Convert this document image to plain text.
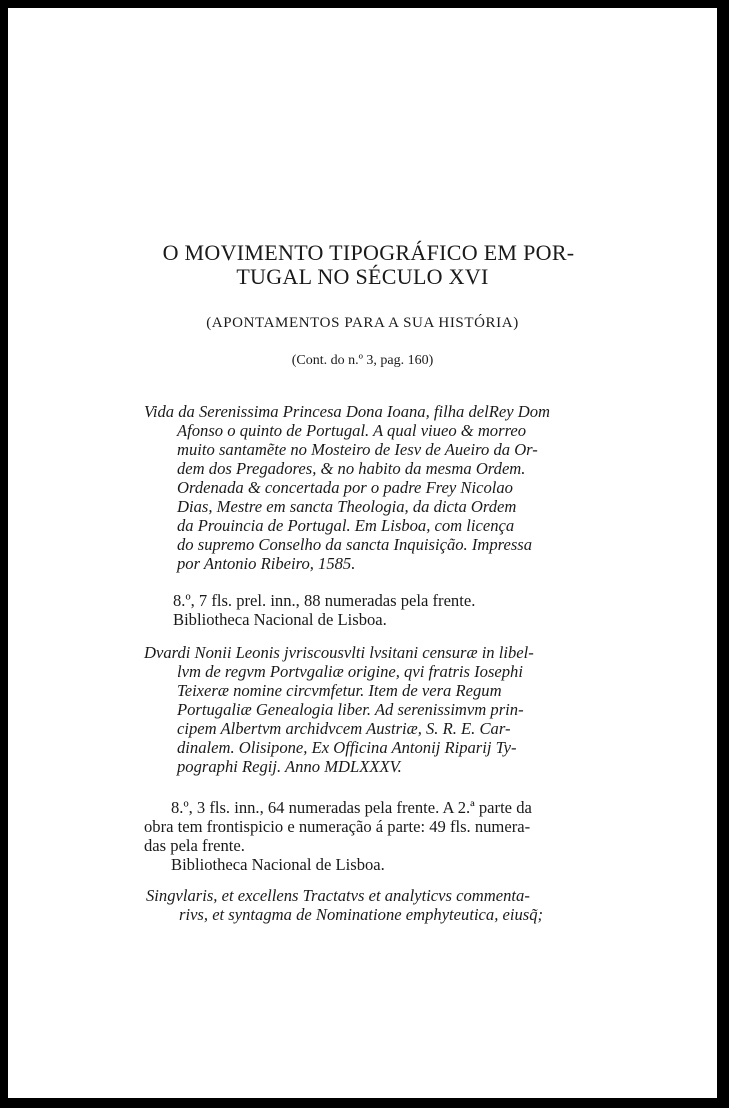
O MOVIMENTO TIPOGRÁFICO EM POR-
TUGAL NO SÉCULO XVI
(APONTAMENTOS PARA A SUA HISTÓRIA)
(Cont. do n.º 3, pag. 160)
Vida da Serenissima Princesa Dona Ioana, filha delRey Dom
Afonso o quinto de Portugal. A qual viueo & morreo
muito santamẽte no Mosteiro de Iesv de Aueiro da Or-
dem dos Pregadores, & no habito da mesma Ordem.
Ordenada & concertada por o padre Frey Nicolao
Dias, Mestre em sancta Theologia, da dicta Ordem
da Prouincia de Portugal. Em Lisboa, com licença
do supremo Conselho da sancta Inquisição. Impressa
por Antonio Ribeiro, 1585.
8.º, 7 fls. prel. inn., 88 numeradas pela frente.
Bibliotheca Nacional de Lisboa.
Dvardi Nonii Leonis jvriscousvlti lvsitani censuræ in libel-
lvm de regvm Portvgaliæ origine, qvi fratris Iosephi
Teixeræ nomine circvmfetur. Item de vera Regum
Portugaliæ Genealogia liber. Ad serenissimvm prin-
cipem Albertvm archidvcem Austriæ, S. R. E. Car-
dinalem. Olisipone, Ex Officina Antonij Riparij Ty-
pographi Regij. Anno MDLXXXV.
8.º, 3 fls. inn., 64 numeradas pela frente. A 2.ª parte da
obra tem frontispicio e numeração á parte: 49 fls. numera-
das pela frente.
Bibliotheca Nacional de Lisboa.
Singvlaris, et excellens Tractatvs et analyticvs commenta-
rivs, et syntagma de Nominatione emphyteutica, eiusq̃;
